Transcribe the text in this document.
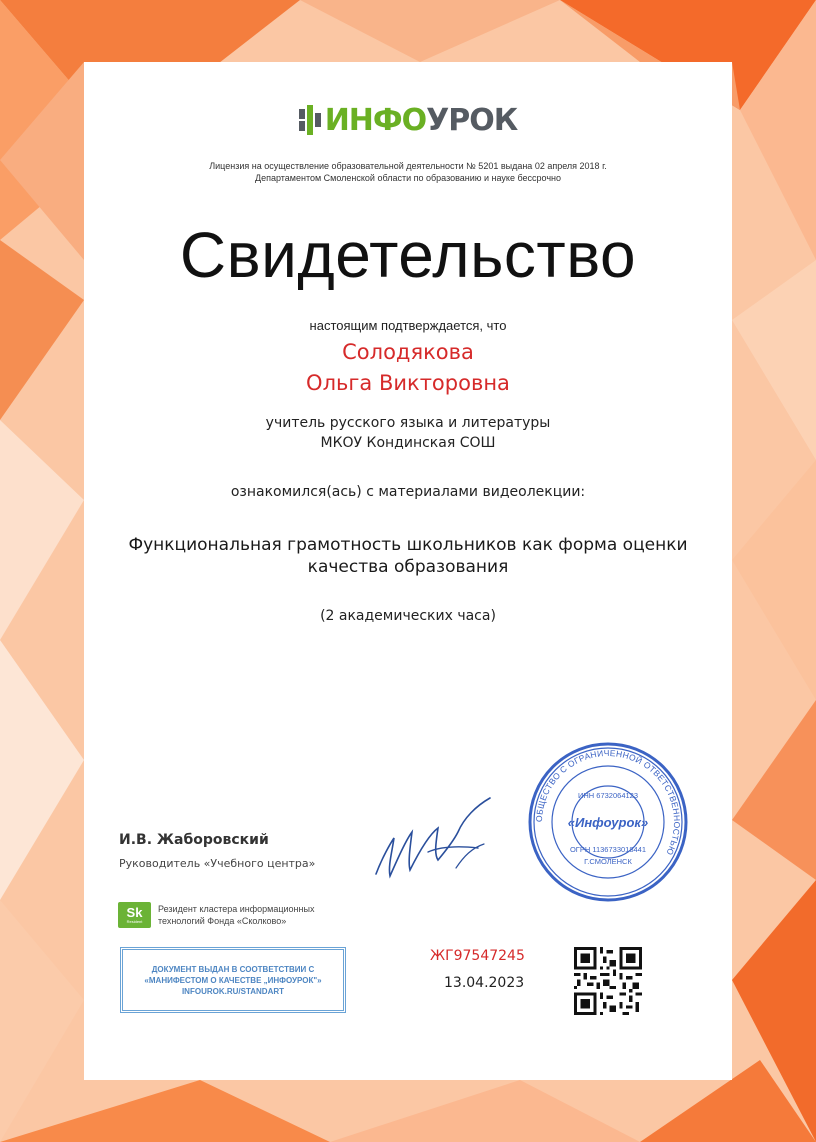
ИНФОУРОК
Лицензия на осуществление образовательной деятельности № 5201 выдана 02 апреля 2018 г.
Департаментом Смоленской области по образованию и науке бессрочно
Свидетельство
настоящим подтверждается, что
Солодякова
Ольга Викторовна
учитель русского языка и литературы
МКОУ Кондинская СОШ
ознакомился(ась) с материалами видеолекции:
Функциональная грамотность школьников как форма оценки
качества образования
(2 академических часа)
И.В. Жаборовский
Руководитель «Учебного центра»
ОБЩЕСТВО С ОГРАНИЧЕННОЙ ОТВЕТСТВЕННОСТЬЮ
ИНН 6732064123
«Инфоурок»
ОГРН 1136733018441
Г.СМОЛЕНСК
Sk
Resident
Резидент кластера информационных
технологий Фонда «Сколково»
ДОКУМЕНТ ВЫДАН В СООТВЕТСТВИИ С
«МАНИФЕСТОМ О КАЧЕСТВЕ „ИНФОУРОК"»
INFOUROK.RU/STANDART
ЖГ97547245
13.04.2023
